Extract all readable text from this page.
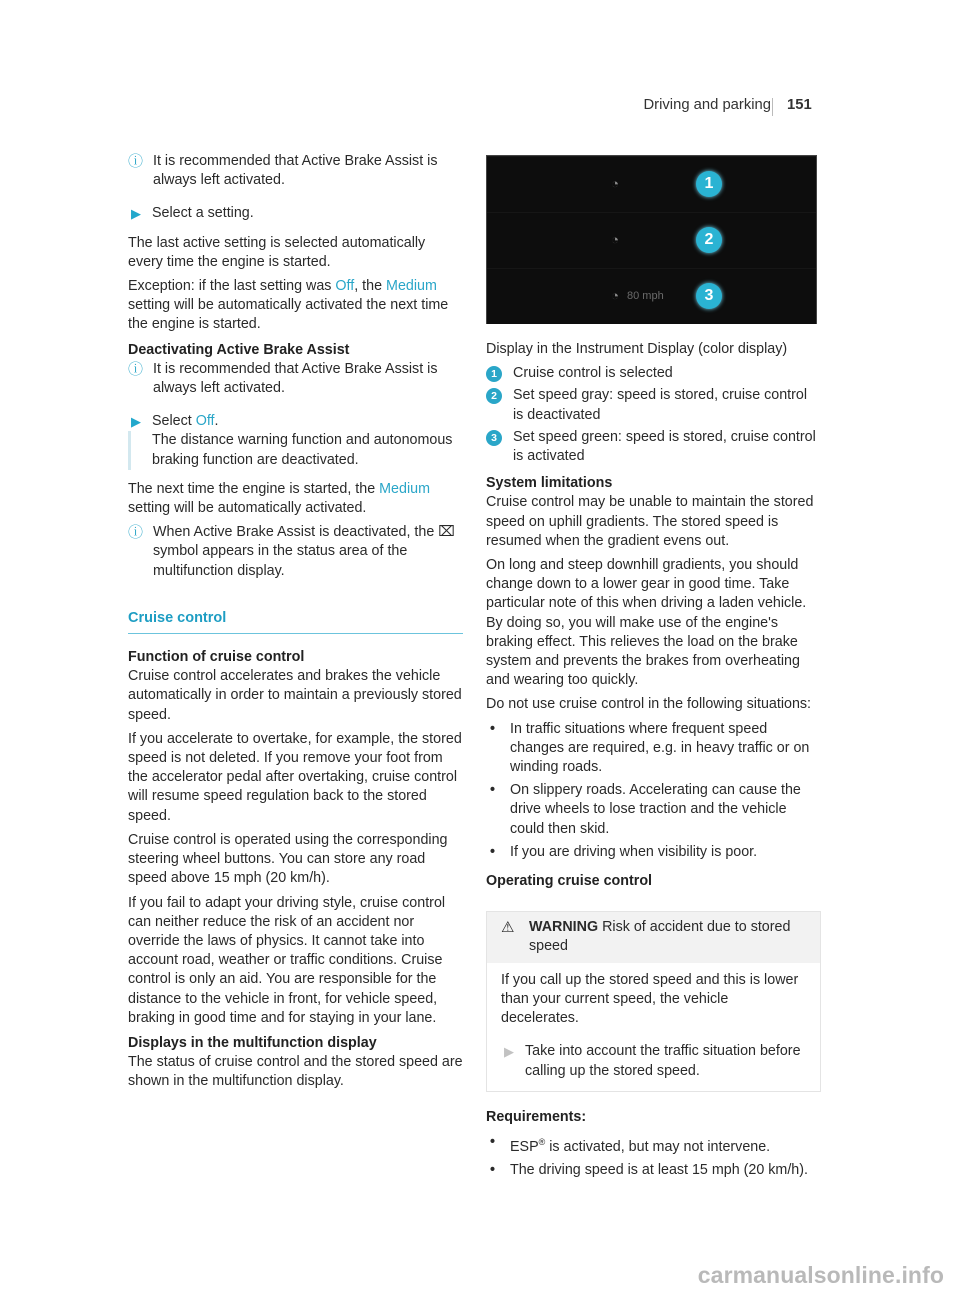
Driving and parking 151
ⓘ It is recommended that Active Brake Assist is always left activated.
▶ Select a setting.

The last active setting is selected automatically every time the engine is started.

Exception: if the last setting was Off, the Medium setting will be automatically activated the next time the engine is started.

Deactivating Active Brake Assist
ⓘ It is recommended that Active Brake Assist is always left activated.
▶ Select Off.
The distance warning function and autonomous braking function are deactivated.

The next time the engine is started, the Medium setting will be automatically activated.

ⓘ When Active Brake Assist is deactivated, the ⌧ symbol appears in the status area of the multifunction display.
Cruise control
Function of cruise control

Cruise control accelerates and brakes the vehicle automatically in order to maintain a previously stored speed.

If you accelerate to overtake, for example, the stored speed is not deleted. If you remove your foot from the accelerator pedal after overtaking, cruise control will resume speed regulation back to the stored speed.

Cruise control is operated using the corresponding steering wheel buttons. You can store any road speed above 15 mph (20 km/h).

If you fail to adapt your driving style, cruise control can neither reduce the risk of an accident nor override the laws of physics. It cannot take into account road, weather or traffic conditions. Cruise control is only an aid. You are responsible for the distance to the vehicle in front, for vehicle speed, braking in good time and for staying in your lane.

Displays in the multifunction display

The status of cruise control and the stored speed are shown in the multifunction display.

◔	1
◔	2
◔ 80 mph	3

Display in the Instrument Display (color display)

1	Cruise control is selected
2	Set speed gray: speed is stored, cruise control is deactivated
3	Set speed green: speed is stored, cruise control is activated
System limitations

Cruise control may be unable to maintain the stored speed on uphill gradients. The stored speed is resumed when the gradient evens out.

On long and steep downhill gradients, you should change down to a lower gear in good time. Take particular note of this when driving a laden vehicle. By doing so, you will make use of the engine's braking effect. This relieves the load on the brake system and prevents the brakes from overheating and wearing too quickly.

Do not use cruise control in the following situations:

•	In traffic situations where frequent speed changes are required, e.g. in heavy traffic or on winding roads.
•	On slippery roads. Accelerating can cause the drive wheels to lose traction and the vehicle could then skid.
•	If you are driving when visibility is poor.
Operating cruise control
⚠	WARNING Risk of accident due to stored speed

If you call up the stored speed and this is lower than your current speed, the vehicle decelerates.

▶ Take into account the traffic situation before calling up the stored speed.
Requirements:
•	ESP® is activated, but may not intervene.
•	The driving speed is at least 15 mph (20 km/h).
carmanualsonline.info
